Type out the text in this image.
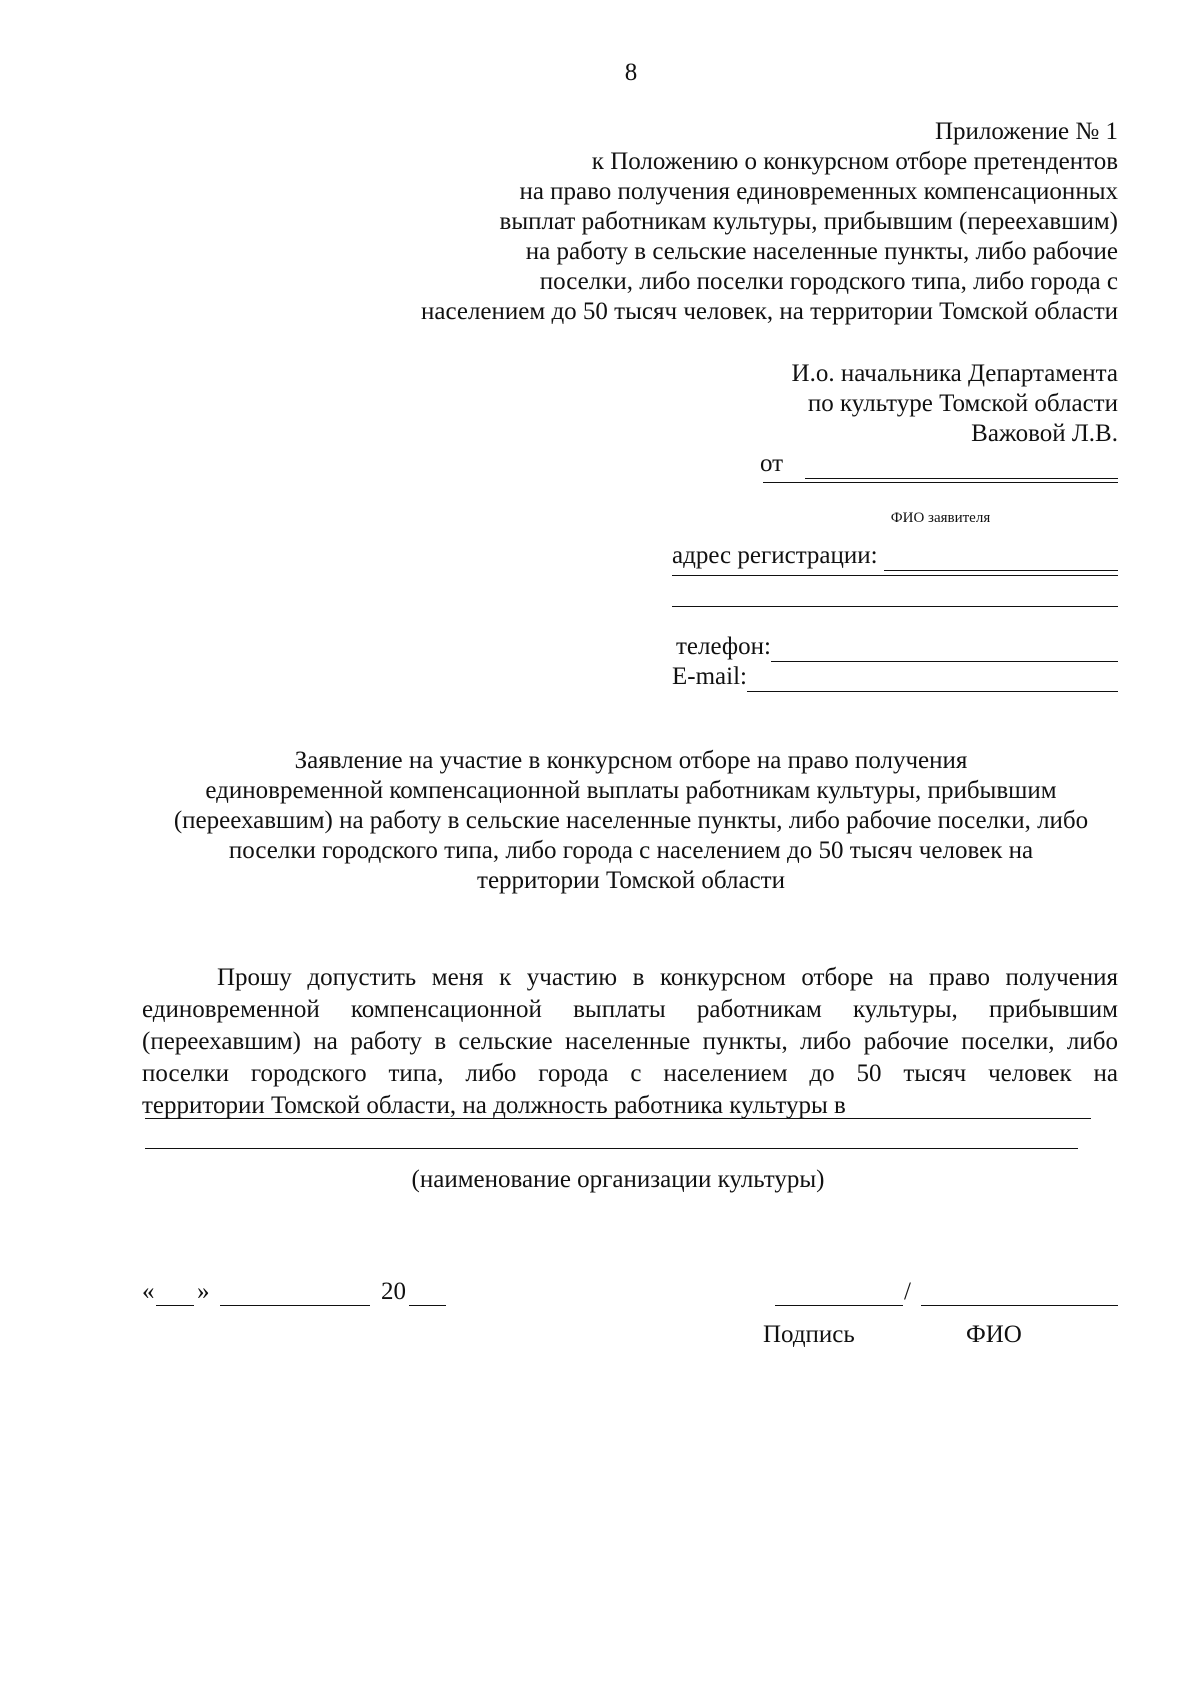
8
Приложение № 1
к Положению о конкурсном отборе претендентов
на право получения единовременных компенсационных
выплат работникам культуры, прибывшим (переехавшим)
на работу в сельские населенные пункты, либо рабочие
поселки, либо поселки городского типа, либо города с
населением до 50 тысяч человек, на территории Томской области
И.о. начальника Департамента
по культуре Томской области
Важовой Л.В.
от
ФИО заявителя
адрес регистрации:
телефон:
E-mail:
Заявление на участие в конкурсном отборе на право получения
единовременной компенсационной выплаты работникам культуры, прибывшим
(переехавшим) на работу в сельские населенные пункты, либо рабочие поселки, либо
поселки городского типа, либо города с населением до 50 тысяч человек на
территории Томской области
Прошу допустить меня к участию в конкурсном отборе на право получения
единовременной компенсационной выплаты работникам культуры, прибывшим
(переехавшим) на работу в сельские населенные пункты, либо рабочие поселки, либо
поселки городского типа, либо города с населением до 50 тысяч человек на
территории Томской области, на должность работника культуры в
(наименование организации культуры)
« »	20	/
Подпись	ФИО
